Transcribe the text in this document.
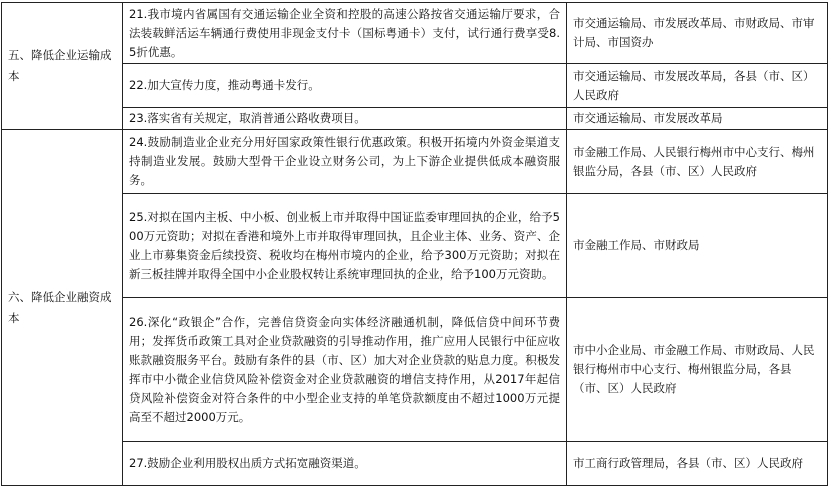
五、降低企业运输成本	21.我市境内省属国有交通运输企业全资和控股的高速公路按省交通运输厅要求，合法装载鲜活运车辆通行费使用非现金支付卡（国标粤通卡）支付，试行通行费享受8.5折优惠。	市交通运输局、市发展改革局、市财政局、市审计局、市国资办
	22.加大宣传力度，推动粤通卡发行。	市交通运输局、市发展改革局，各县（市、区）人民政府
	23.落实省有关规定，取消普通公路收费项目。	市交通运输局、市发展改革局
六、降低企业融资成本	24.鼓励制造业企业充分用好国家政策性银行优惠政策。积极开拓境内外资金渠道支持制造业发展。鼓励大型骨干企业设立财务公司，为上下游企业提供低成本融资服务。	市金融工作局、人民银行梅州市中心支行、梅州银监分局，各县（市、区）人民政府
	25.对拟在国内主板、中小板、创业板上市并取得中国证监委审理回执的企业，给予500万元资助；对拟在香港和境外上市并取得审理回执，且企业主体、业务、资产、企业上市募集资金后续投资、税收均在梅州市境内的企业，给予300万元资助；对拟在新三板挂牌并取得全国中小企业股权转让系统审理回执的企业，给予100万元资助。	市金融工作局、市财政局
	26.深化“政银企”合作，完善信贷资金向实体经济融通机制，降低信贷中间环节费用；发挥货币政策工具对企业贷款融资的引导推动作用，推广应用人民银行中征应收账款融资服务平台。鼓励有条件的县（市、区）加大对企业贷款的贴息力度。积极发挥市中小微企业信贷风险补偿资金对企业贷款融资的增信支持作用，从2017年起信贷风险补偿资金对符合条件的中小型企业支持的单笔贷款额度由不超过1000万元提高至不超过2000万元。	市中小企业局、市金融工作局、市财政局、人民银行梅州市中心支行、梅州银监分局，各县（市、区）人民政府
	27.鼓励企业利用股权出质方式拓宽融资渠道。	市工商行政管理局，各县（市、区）人民政府
